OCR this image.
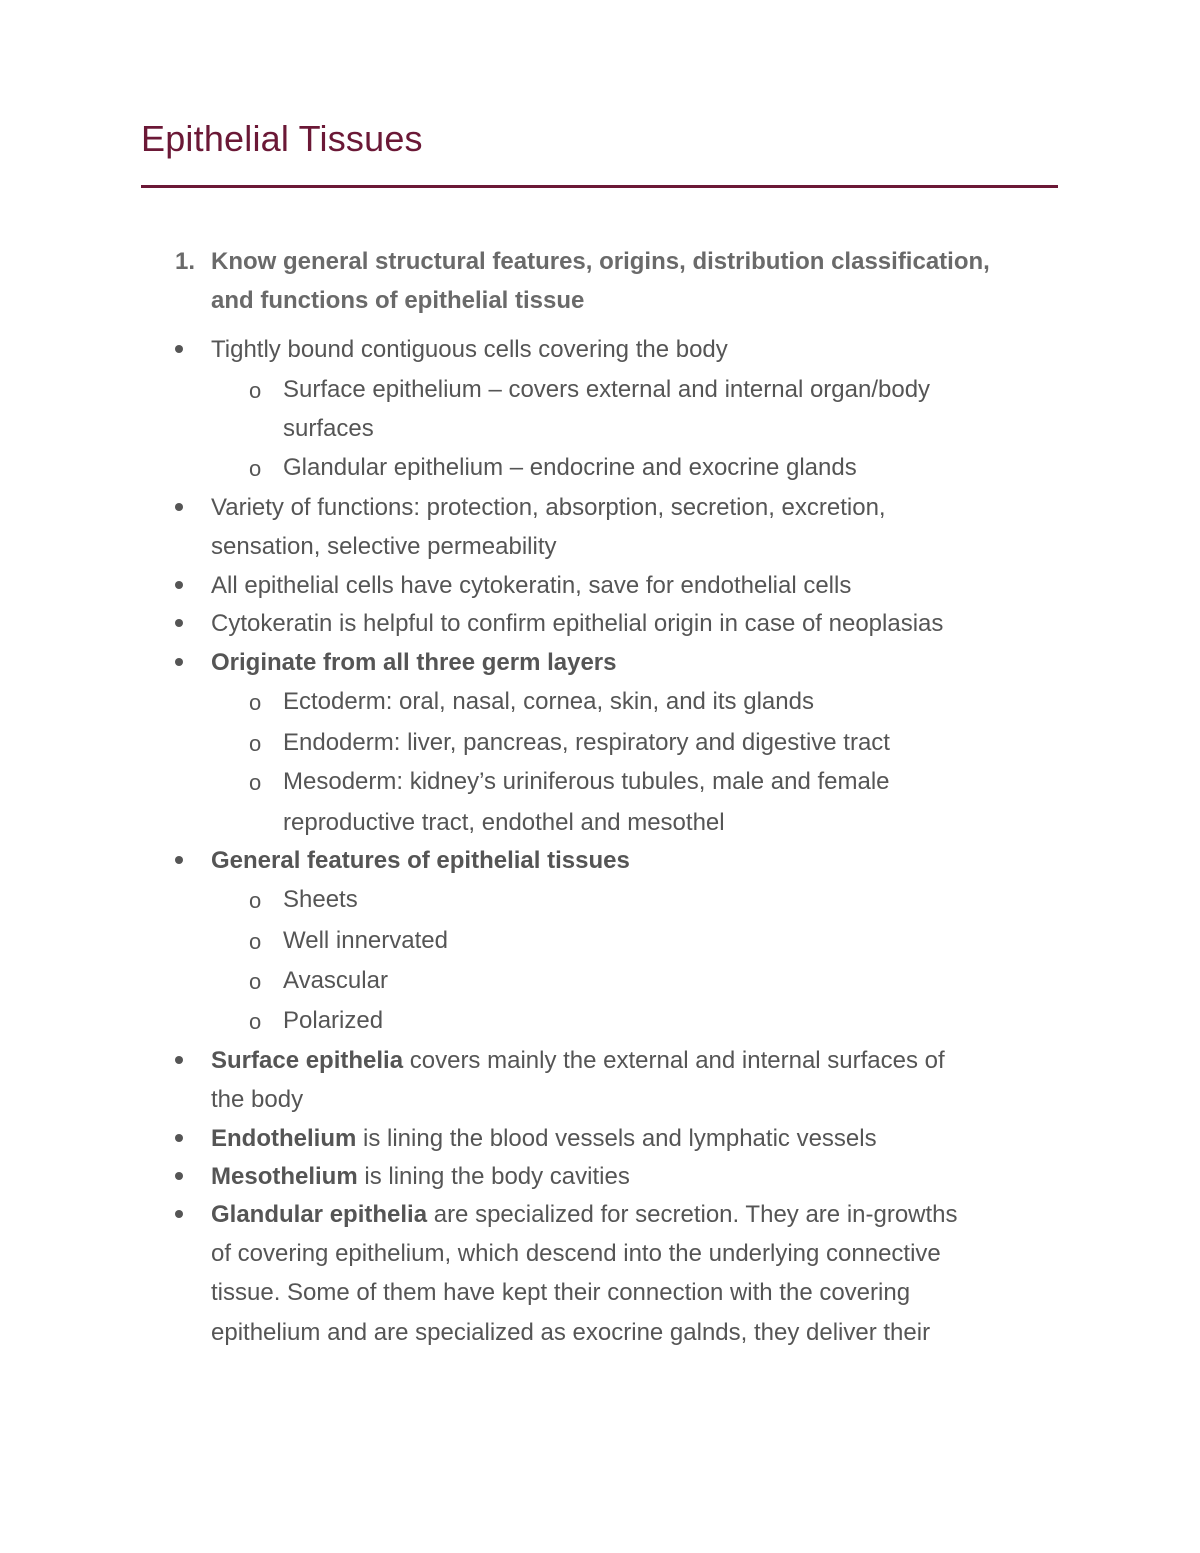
Epithelial Tissues
1. Know general structural features, origins, distribution classification,
and functions of epithelial tissue
Tightly bound contiguous cells covering the body
o Surface epithelium – covers external and internal organ/body
surfaces
o Glandular epithelium – endocrine and exocrine glands
Variety of functions: protection, absorption, secretion, excretion,
sensation, selective permeability
All epithelial cells have cytokeratin, save for endothelial cells
Cytokeratin is helpful to confirm epithelial origin in case of neoplasias
Originate from all three germ layers
o Ectoderm: oral, nasal, cornea, skin, and its glands
o Endoderm: liver, pancreas, respiratory and digestive tract
o Mesoderm: kidney’s uriniferous tubules, male and female
reproductive tract, endothel and mesothel
General features of epithelial tissues
o Sheets
o Well innervated
o Avascular
o Polarized
Surface epithelia covers mainly the external and internal surfaces of
the body
Endothelium is lining the blood vessels and lymphatic vessels
Mesothelium is lining the body cavities
Glandular epithelia are specialized for secretion. They are in-growths
of covering epithelium, which descend into the underlying connective
tissue. Some of them have kept their connection with the covering
epithelium and are specialized as exocrine galnds, they deliver their
